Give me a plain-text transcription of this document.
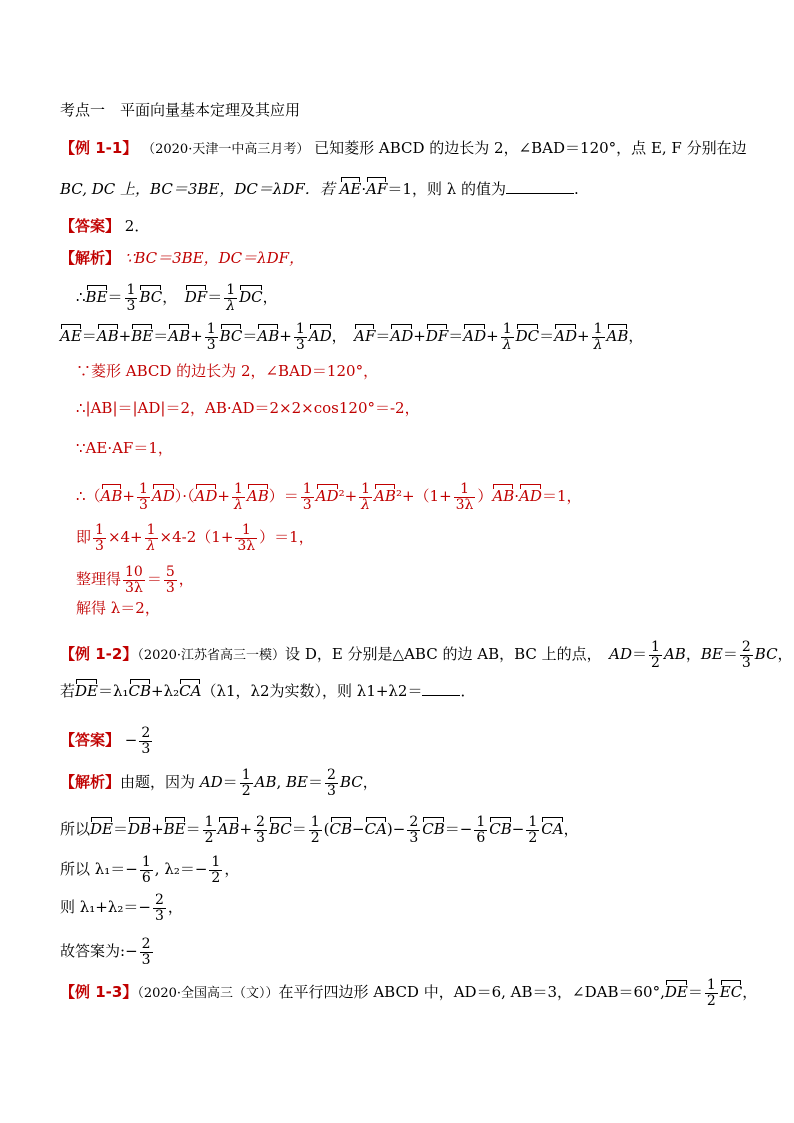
考点一　平面向量基本定理及其应用
【例 1-1】 （2020·天津一中高三月考） 已知菱形 ABCD 的边长为 2，∠BAD＝120°，点 E, F 分别在边
BC, DC 上，BC＝3BE，DC＝λDF．若 AE·AF＝1，则 λ 的值为	.
【答案】 2．
【解析】 ∵BC＝3BE，DC＝λDF，
∴BE＝ $\frac{1}{3}$ BC，　$DF= \frac{1}{\lambda}$ DC，
$AE=AB+BE=AB+ \frac{1}{3} BC=AB+ \frac{1}{3}$ AD，　$AF=AD+DF=AD+ \frac{1}{\lambda} DC=AD+ \frac{1}{\lambda}$ AB，
∵菱形 ABCD 的边长为 2，∠BAD＝120°，
∴|AB|＝|AD|＝2，AB·AD＝2×2×cos120°＝-2，
∵AE·AF＝1，
∴（AB+ $\frac{1}{3} AD)\cdot(AD+ \frac{1}{\lambda} AB)= \frac{1}{3} AD^2+ \frac{1}{\lambda} AB^2+(1+ \frac{1}{3\lambda} )AB\cdot AD=1$，
即 $\frac{1}{3} \times 4+ \frac{1}{\lambda} \times 4-2(1+ \frac{1}{3\lambda} )=1$，
整理得 $\frac{10}{3\lambda} = \frac{5}{3}$ ，
解得 λ＝2，
【例 1-2】（2020·江苏省高三一模）设 D，E 分别是△ABC 的边 AB，BC 上的点，　 $AD= \frac{1}{2}$ AB，$BE= \frac{2}{3}$ BC，
若DE＝λ₁CB+λ₂CA（λ1，λ2为实数），则 λ1+λ2＝	．
【答案】 − $\frac{2}{3}$
【解析】由题，因为 $AD= \frac{1}{2}$ AB, $BE= \frac{2}{3}$ BC，
所以$DE=DB+BE= \frac{1}{2} AB+ \frac{2}{3} BC= \frac{1}{2} (CB-CA)- \frac{2}{3} CB=- \frac{1}{6} CB- \frac{1}{2}$ CA，
所以 $\lambda_1=- \frac{1}{6}$ , $\lambda_2=- \frac{1}{2}$ ，
则 $\lambda_1+\lambda_2=- \frac{2}{3}$ ，
故答案为:− $\frac{2}{3}$
【例 1-3】（2020·全国高三（文））在平行四边形 ABCD 中，AD＝6, AB＝3，∠DAB＝60°,DE＝ $\frac{1}{2}$ EC，
